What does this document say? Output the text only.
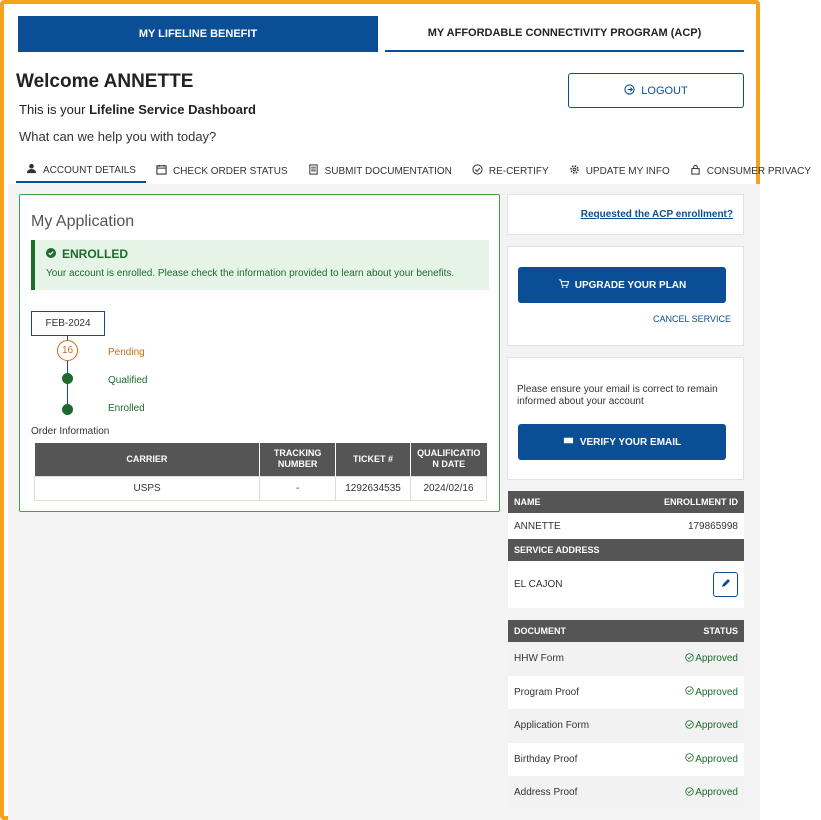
MY LIFELINE BENEFIT	MY AFFORDABLE CONNECTIVITY PROGRAM (ACP)
Welcome ANNETTE
This is your Lifeline Service Dashboard
What can we help you with today?
LOGOUT
ACCOUNT DETAILS	CHECK ORDER STATUS	SUBMIT DOCUMENTATION	RE-CERTIFY	UPDATE MY INFO	CONSUMER PRIVACY
My Application
ENROLLED
Your account is enrolled. Please check the information provided to learn about your benefits.
FEB-2024
16	Pending
Qualified
Enrolled
Order Information
CARRIER	TRACKING NUMBER	TICKET #	QUALIFICATIO N DATE
USPS	-	1292634535	2024/02/16
Requested the ACP enrollment?
UPGRADE YOUR PLAN
CANCEL SERVICE
Please ensure your email is correct to remain informed about your account
VERIFY YOUR EMAIL
NAME	ENROLLMENT ID
ANNETTE	179865998
SERVICE ADDRESS
EL CAJON
DOCUMENT	STATUS
HHW Form	Approved
Program Proof	Approved
Application Form	Approved
Birthday Proof	Approved
Address Proof	Approved
